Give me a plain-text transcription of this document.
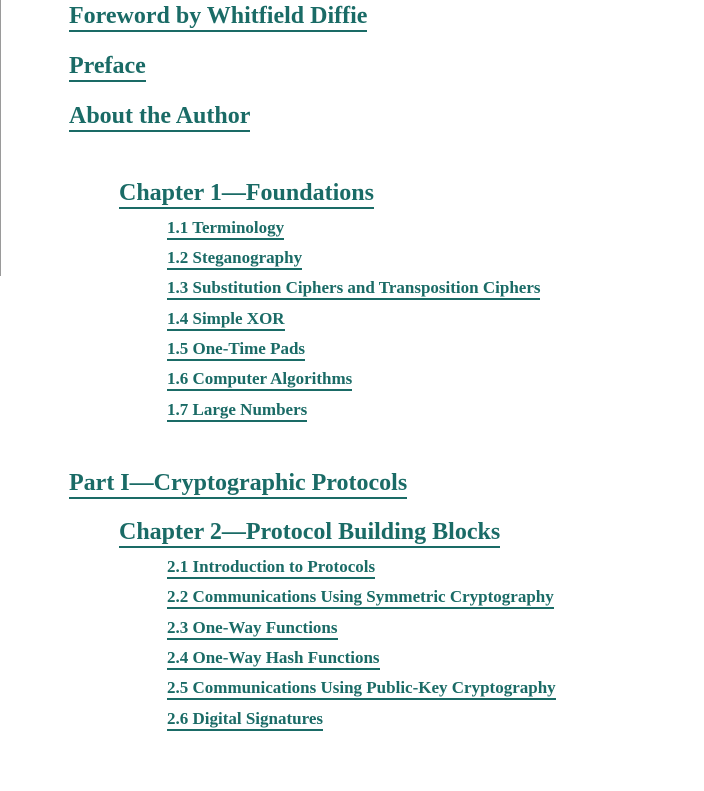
Foreword by Whitfield Diffie
Preface
About the Author
Chapter 1—Foundations
1.1 Terminology
1.2 Steganography
1.3 Substitution Ciphers and Transposition Ciphers
1.4 Simple XOR
1.5 One-Time Pads
1.6 Computer Algorithms
1.7 Large Numbers
Part I—Cryptographic Protocols
Chapter 2—Protocol Building Blocks
2.1 Introduction to Protocols
2.2 Communications Using Symmetric Cryptography
2.3 One-Way Functions
2.4 One-Way Hash Functions
2.5 Communications Using Public-Key Cryptography
2.6 Digital Signatures
